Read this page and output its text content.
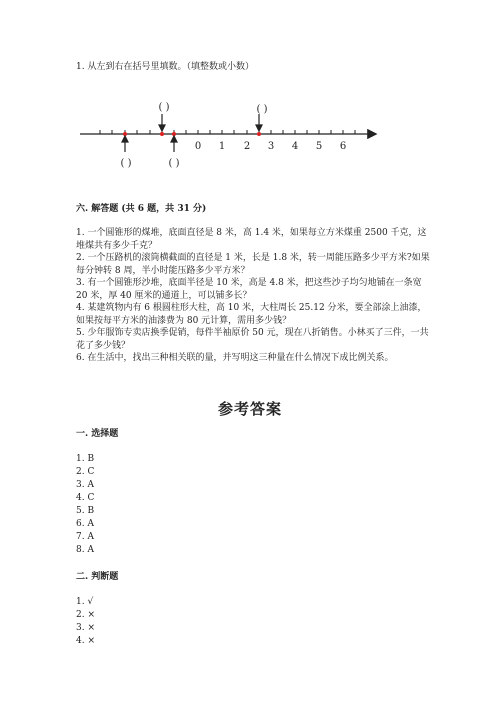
1. 从左到右在括号里填数。（填整数或小数）
0 1 2 3 4 5 6
( )	( )
( )	( )
六. 解答题 (共 6 题，共 31 分)
1. 一个圆锥形的煤堆，底面直径是 8 米，高 1.4 米，如果每立方米煤重 2500 千克，这堆煤共有多少千克？
2. 一个压路机的滚筒横截面的直径是 1 米，长是 1.8 米，转一周能压路多少平方米?如果每分钟转 8 周，半小时能压路多少平方米？
3. 有一个圆锥形沙堆，底面半径是 10 米，高是 4.8 米，把这些沙子均匀地铺在一条宽 20 米，厚 40 厘米的通道上，可以铺多长？
4. 某建筑物内有 6 根圆柱形大柱，高 10 米，大柱周长 25.12 分米，要全部涂上油漆，如果按每平方米的油漆费为 80 元计算，需用多少钱？
5. 少年服饰专卖店换季促销，每件半袖原价 50 元，现在八折销售。小林买了三件，一共花了多少钱？
6. 在生活中，找出三种相关联的量，并写明这三种量在什么情况下成比例关系。
参考答案
一. 选择题
1. B
2. C
3. A
4. C
5. B
6. A
7. A
8. A
二. 判断题
1. √
2. ×
3. ×
4. ×
